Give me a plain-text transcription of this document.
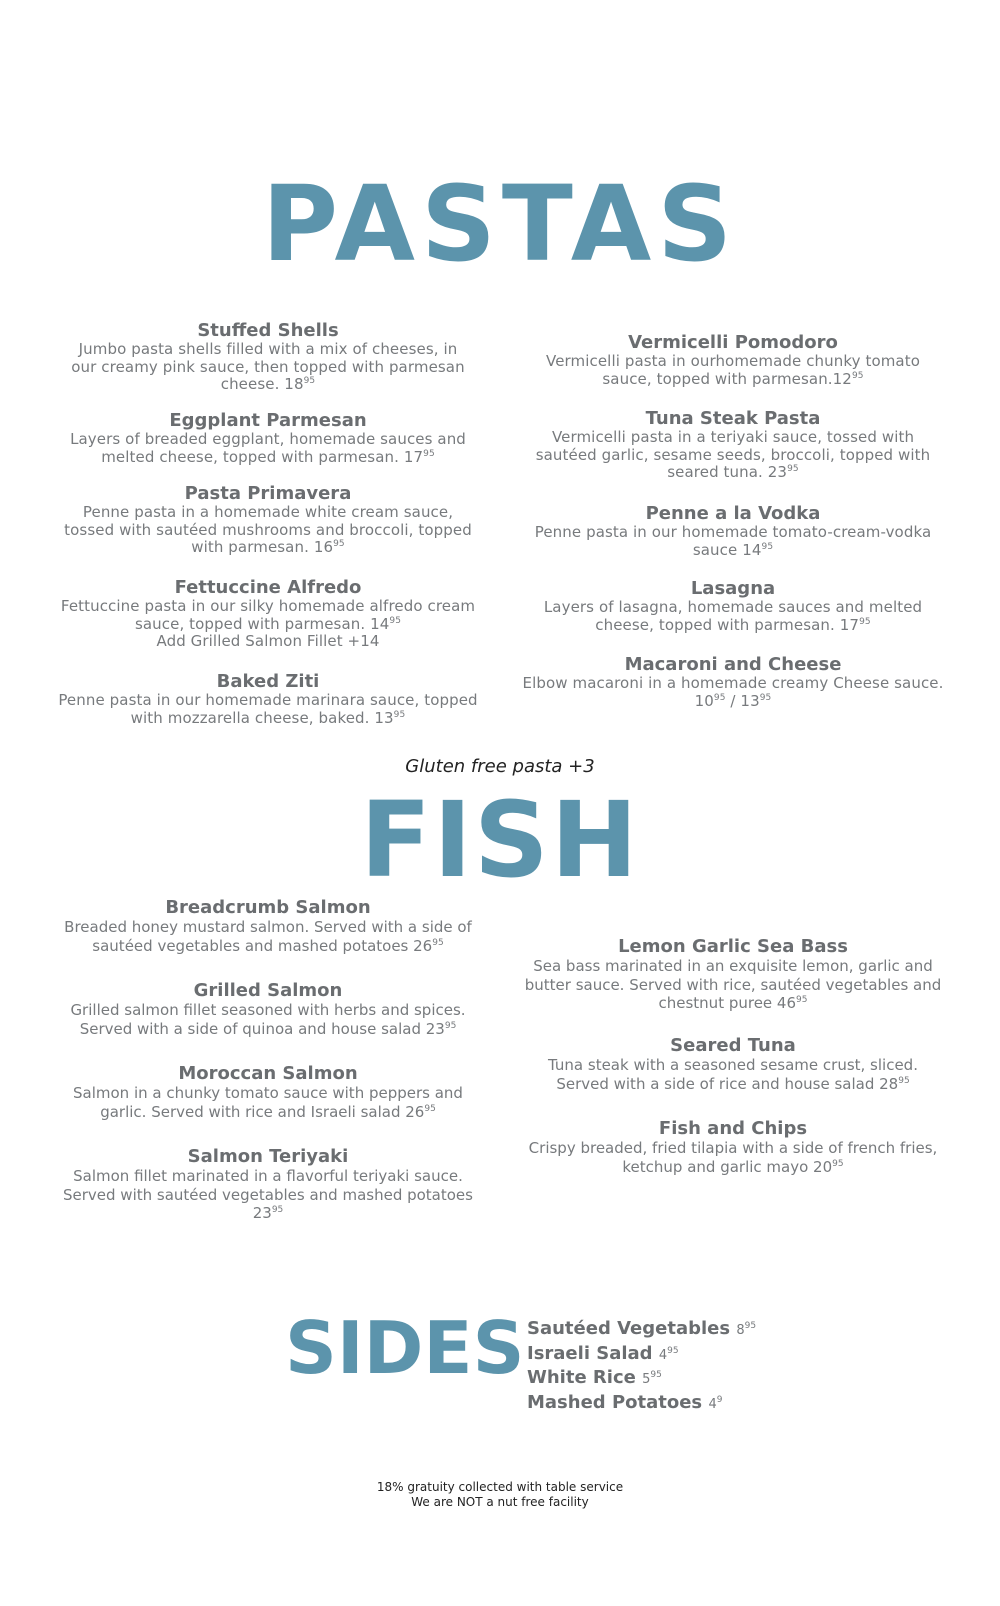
PASTAS
Stuffed Shells
Jumbo pasta shells filled with a mix of cheeses, in our creamy pink sauce, then topped with parmesan cheese. $18^{95}$
Eggplant Parmesan
Layers of breaded eggplant, homemade sauces and melted cheese, topped with parmesan. $17^{95}$
Pasta Primavera
Penne pasta in a homemade white cream sauce, tossed with sautéed mushrooms and broccoli, topped with parmesan. $16^{95}$
Fettuccine Alfredo
Fettuccine pasta in our silky homemade alfredo cream sauce, topped with parmesan. $14^{95}$
Add Grilled Salmon Fillet +14
Baked Ziti
Penne pasta in our homemade marinara sauce, topped with mozzarella cheese, baked. $13^{95}$
Vermicelli Pomodoro
Vermicelli pasta in ourhomemade chunky tomato sauce, topped with $parmesan.12^{95}$
Tuna Steak Pasta
Vermicelli pasta in a teriyaki sauce, tossed with sautéed garlic, sesame seeds, broccoli, topped with seared tuna. $23^{95}$
Penne a la Vodka
Penne pasta in our homemade tomato-cream-vodka sauce $14^{95}$
Lasagna
Layers of lasagna, homemade sauces and melted cheese, topped with parmesan. $17^{95}$
Macaroni and Cheese
Elbow macaroni in a homemade creamy Cheese sauce. $10^{95} / 13^{95}$
Gluten free pasta +3
FISH
Breadcrumb Salmon
Breaded honey mustard salmon. Served with a side of sautéed vegetables and mashed potatoes $26^{95}$
Grilled Salmon
Grilled salmon fillet seasoned with herbs and spices. Served with a side of quinoa and house salad $23^{95}$
Moroccan Salmon
Salmon in a chunky tomato sauce with peppers and garlic. Served with rice and Israeli salad $26^{95}$
Salmon Teriyaki
Salmon fillet marinated in a flavorful teriyaki sauce. Served with sautéed vegetables and mashed potatoes $23^{95}$
Lemon Garlic Sea Bass
Sea bass marinated in an exquisite lemon, garlic and butter sauce. Served with rice, sautéed vegetables and chestnut puree $46^{95}$
Seared Tuna
Tuna steak with a seasoned sesame crust, sliced. Served with a side of rice and house salad $28^{95}$
Fish and Chips
Crispy breaded, fried tilapia with a side of french fries, ketchup and garlic mayo $20^{95}$
SIDES Sautéed Vegetables $8^{95}$
Israeli Salad $4^{95}$
White Rice $5^{95}$
Mashed Potatoes $4^9$
18% gratuity collected with table service
We are NOT a nut free facility
